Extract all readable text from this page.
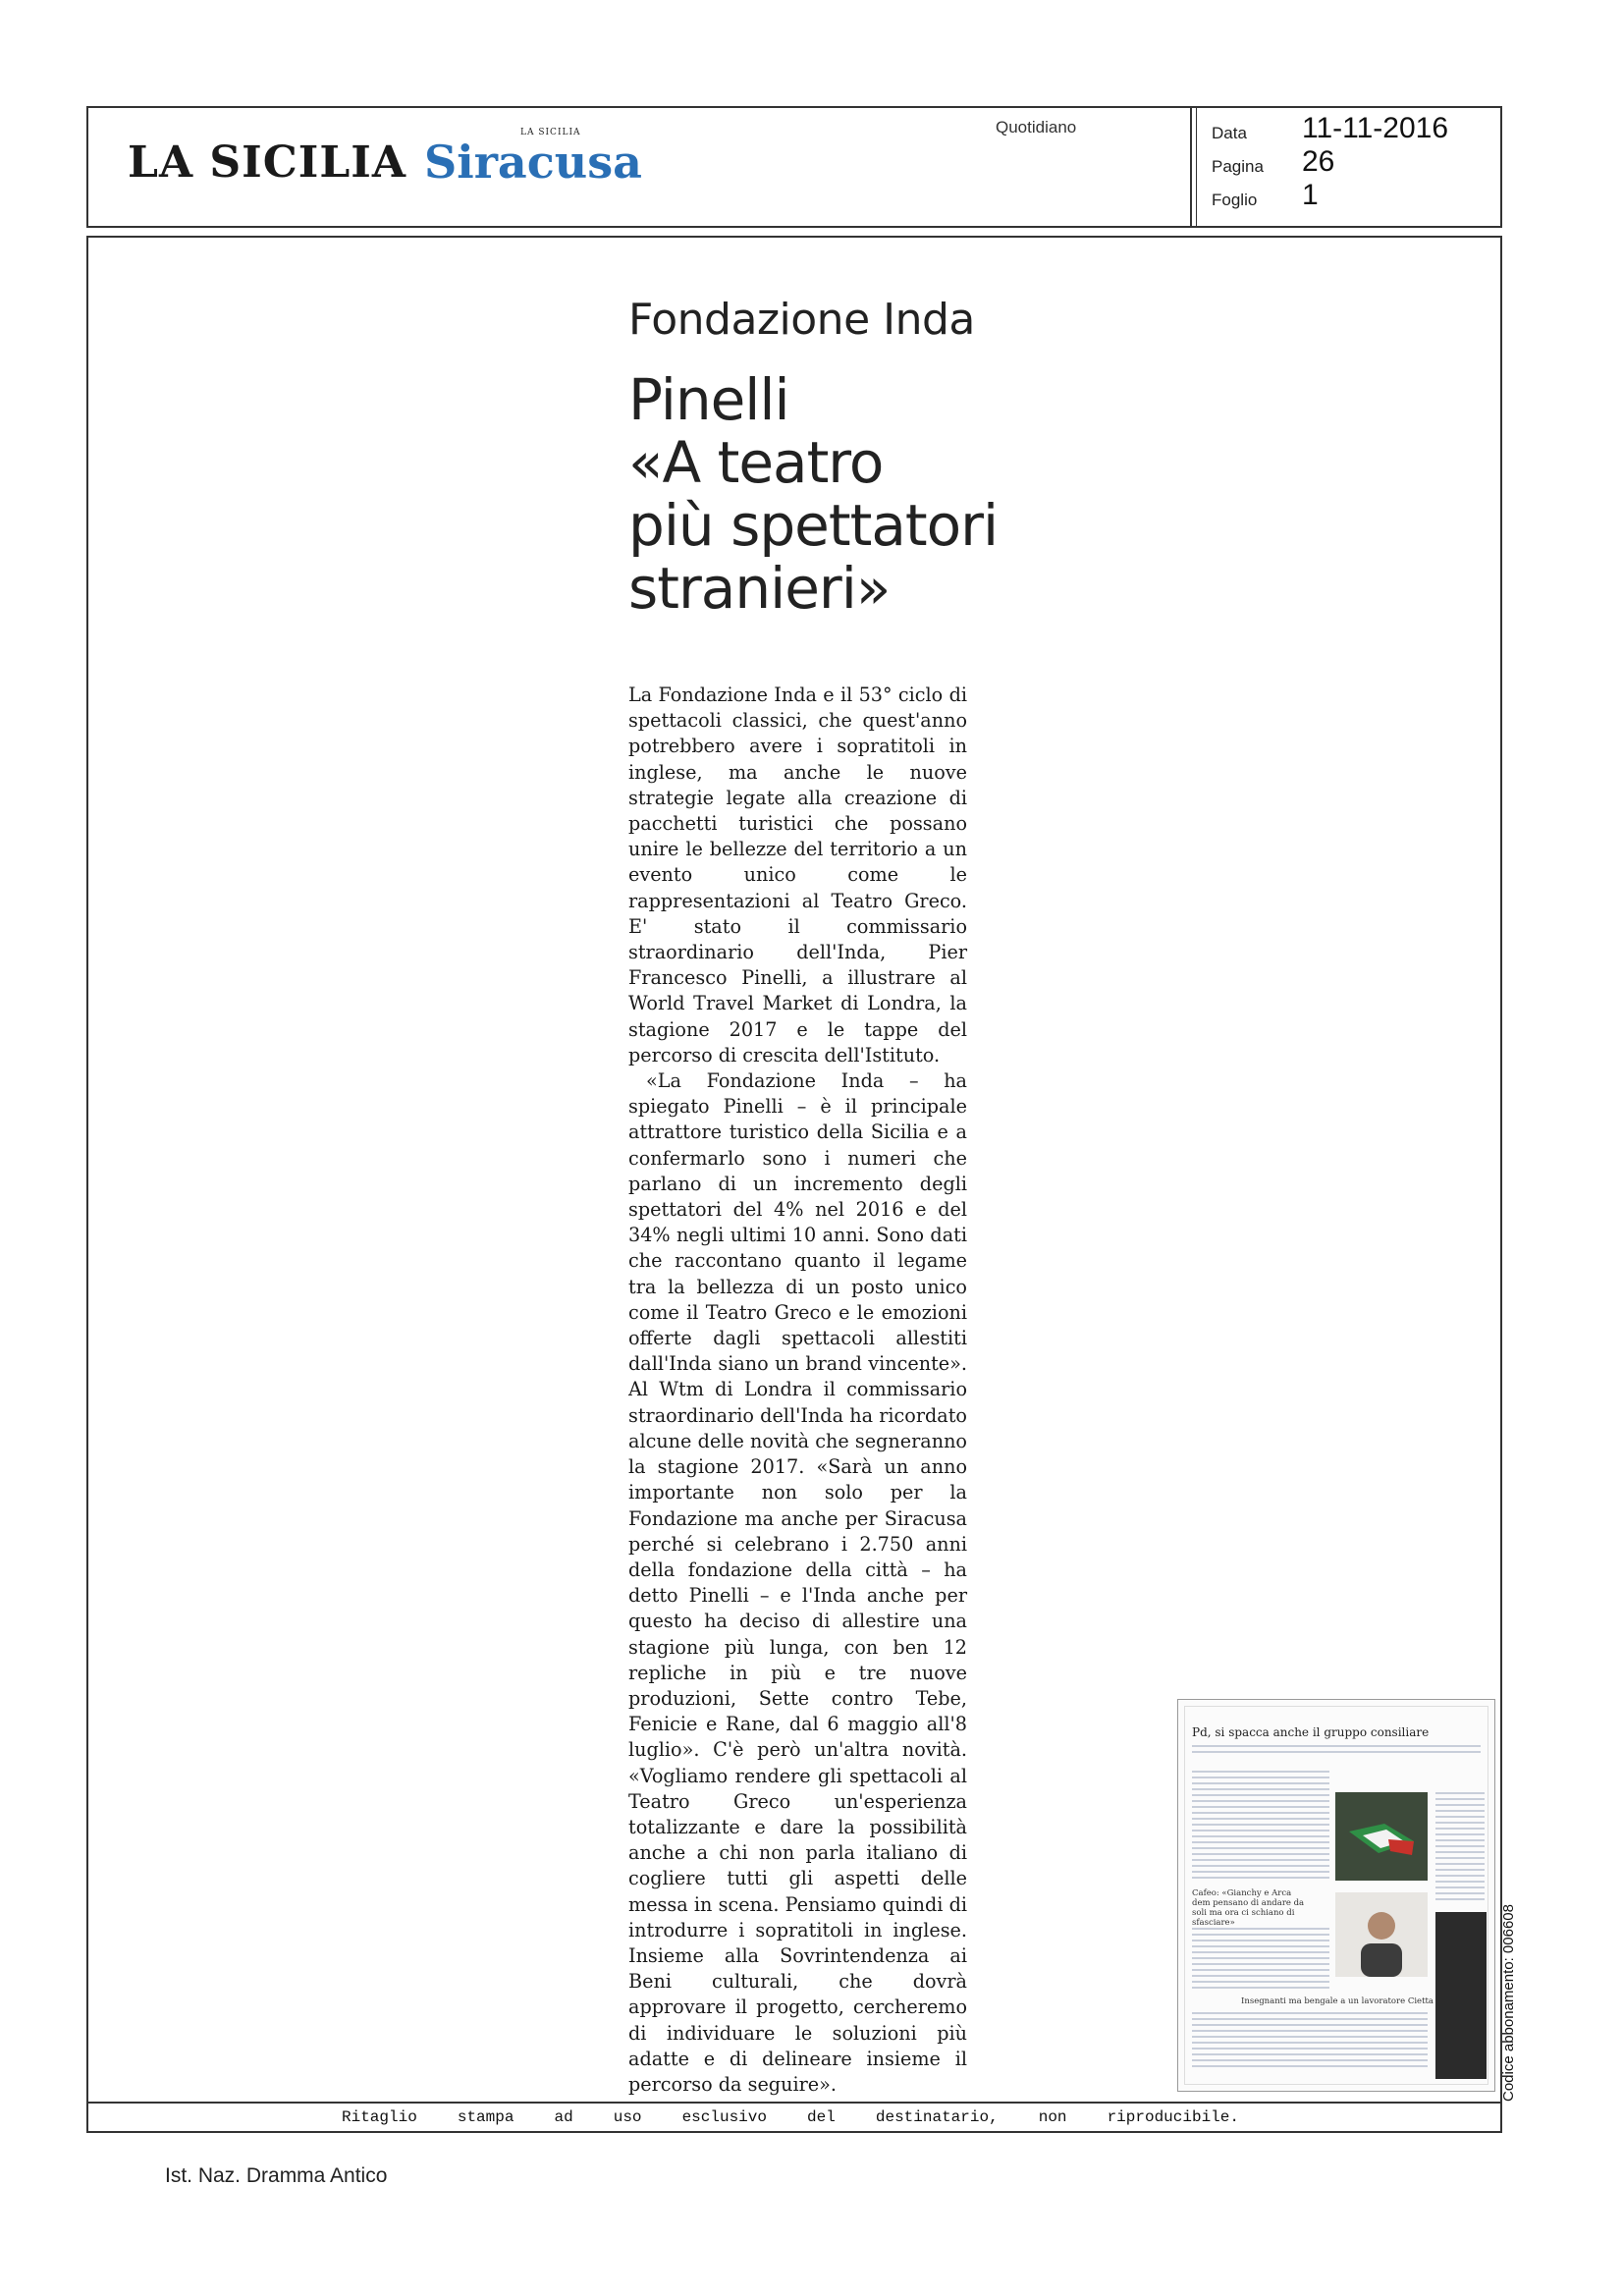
LA SICILIA
LA SICILIA Siracusa
Quotidiano	Data 11-11-2016
Pagina 26
Foglio 1
Fondazione Inda
Pinelli
«A teatro
più spettatori
stranieri»

La Fondazione Inda e il 53° ciclo di spettacoli classici, che quest'anno potrebbero avere i sopratitoli in inglese, ma anche le nuove strategie legate alla creazione di pacchetti turistici che possano unire le bellezze del territorio a un evento unico come le rappresentazioni al Teatro Greco. E' stato il commissario straordinario dell'Inda, Pier Francesco Pinelli, a illustrare al World Travel Market di Londra, la stagione 2017 e le tappe del percorso di crescita dell'Istituto.

«La Fondazione Inda – ha spiegato Pinelli – è il principale attrattore turistico della Sicilia e a confermarlo sono i numeri che parlano di un incremento degli spettatori del 4% nel 2016 e del 34% negli ultimi 10 anni. Sono dati che raccontano quanto il legame tra la bellezza di un posto unico come il Teatro Greco e le emozioni offerte dagli spettacoli allestiti dall'Inda siano un brand vincente». Al Wtm di Londra il commissario straordinario dell'Inda ha ricordato alcune delle novità che segneranno la stagione 2017. «Sarà un anno importante non solo per la Fondazione ma anche per Siracusa perché si celebrano i 2.750 anni della fondazione della città – ha detto Pinelli – e l'Inda anche per questo ha deciso di allestire una stagione più lunga, con ben 12 repliche in più e tre nuove produzioni, Sette contro Tebe, Fenicie e Rane, dal 6 maggio all'8 luglio». C'è però un'altra novità. «Vogliamo rendere gli spettacoli al Teatro Greco un'esperienza totalizzante e dare la possibilità anche a chi non parla italiano di cogliere tutti gli aspetti delle messa in scena. Pensiamo quindi di introdurre i sopratitoli in inglese. Insieme alla Sovrintendenza ai Beni culturali, che dovrà approvare il progetto, cercheremo di individuare le soluzioni più adatte e di delineare insieme il percorso da seguire».

Pd, si spacca anche il gruppo consiliare
Cafeo: «Gianchy e Arca dem pensano di andare da soli ma ora ci schiano di sfasciare»
Insegnanti ma bengale a un lavoratore Cietta
Ritaglio	stampa	ad	uso	esclusivo	del	destinatario,	non	riproducibile.
Codice abbonamento: 006608
Ist. Naz. Dramma Antico
